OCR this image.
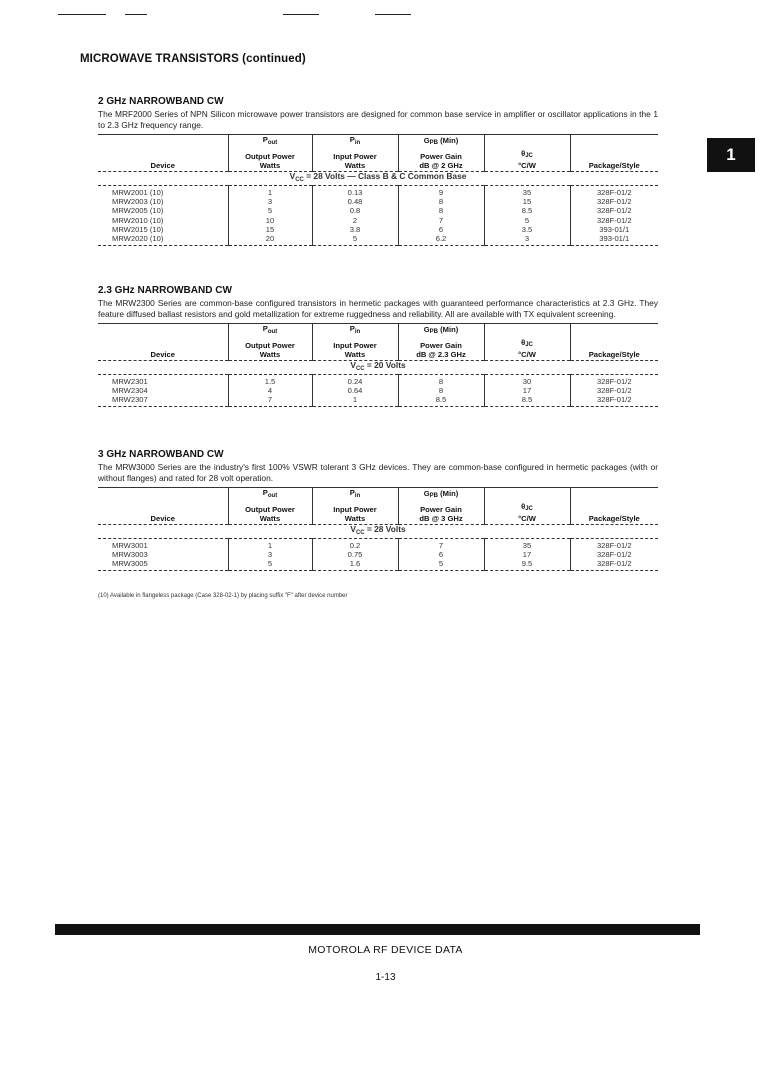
MICROWAVE TRANSISTORS (continued)
1
2 GHz NARROWBAND CW

The MRF2000 Series of NPN Silicon microwave power transistors are designed for common base service in amplifier or oscillator applications in the 1 to 2.3 GHz frequency range.

	$P_{out}$	$P_{in}$	GPB (Min)		
	Output Power	Input Power	Power Gain	θJC	
Device	Watts	Watts	dB @ 2 GHz	°C/W	Package/Style
$V_{CC} = 28$ Volts — Class B & C Common Base					
MRW2001 (10)	1	0.13	9	35	328F-01/2
MRW2003 (10)	3	0.48	8	15	328F-01/2
MRW2005 (10)	5	0.8	8	8.5	328F-01/2
MRW2010 (10)	10	2	7	5	328F-01/2
MRW2015 (10)	15	3.8	6	3.5	393-01/1
MRW2020 (10)	20	5	6.2	3	393-01/1
2.3 GHz NARROWBAND CW

The MRW2300 Series are common-base configured transistors in hermetic packages with guaranteed performance characteristics at 2.3 GHz. They feature diffused ballast resistors and gold metallization for extreme ruggedness and reliability. All are available with TX equivalent screening.

	$P_{out}$	$P_{in}$	GPB (Min)		
	Output Power	Input Power	Power Gain	θJC	
Device	Watts	Watts	dB @ 2.3 GHz	°C/W	Package/Style
$V_{CC} = 20$ Volts					
MRW2301	1.5	0.24	8	30	328F-01/2
MRW2304	4	0.64	8	17	328F-01/2
MRW2307	7	1	8.5	8.5	328F-01/2
3 GHz NARROWBAND CW

The MRW3000 Series are the industry's first 100% VSWR tolerant 3 GHz devices. They are common-base configured in hermetic packages (with or without flanges) and rated for 28 volt operation.

	$P_{out}$	$P_{in}$	GPB (Min)		
	Output Power	Input Power	Power Gain	θJC	
Device	Watts	Watts	dB @ 3 GHz	°C/W	Package/Style
$V_{CC} = 28$ Volts					
MRW3001	1	0.2	7	35	328F-01/2
MRW3003	3	0.75	6	17	328F-01/2
MRW3005	5	1.6	5	9.5	328F-01/2
(10) Available in flangeless package (Case 328-02-1) by placing suffix "F" after device number
MOTOROLA RF DEVICE DATA
1-13
